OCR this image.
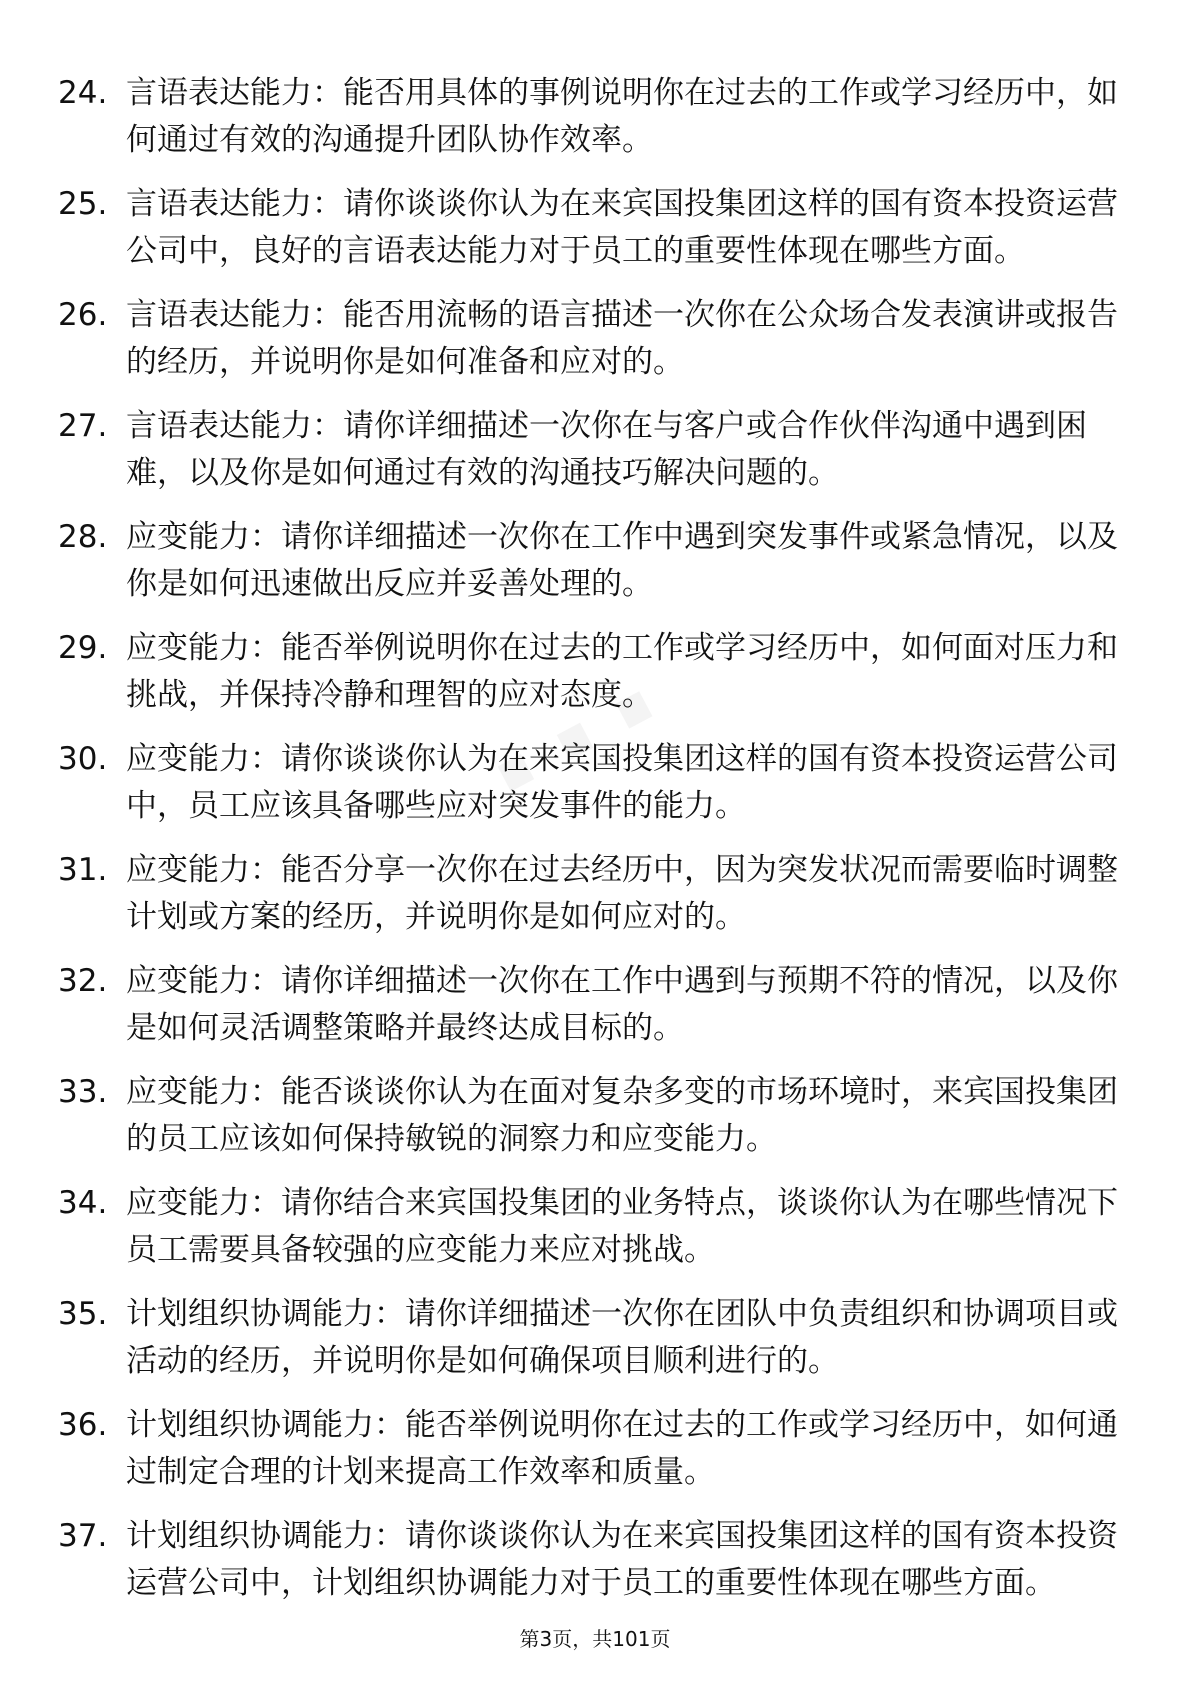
24. 言语表达能力：能否用具体的事例说明你在过去的工作或学习经历中，如何通过有效的沟通提升团队协作效率。
25. 言语表达能力：请你谈谈你认为在来宾国投集团这样的国有资本投资运营公司中，良好的言语表达能力对于员工的重要性体现在哪些方面。
26. 言语表达能力：能否用流畅的语言描述一次你在公众场合发表演讲或报告的经历，并说明你是如何准备和应对的。
27. 言语表达能力：请你详细描述一次你在与客户或合作伙伴沟通中遇到困难，以及你是如何通过有效的沟通技巧解决问题的。
28. 应变能力：请你详细描述一次你在工作中遇到突发事件或紧急情况，以及你是如何迅速做出反应并妥善处理的。
29. 应变能力：能否举例说明你在过去的工作或学习经历中，如何面对压力和挑战，并保持冷静和理智的应对态度。
30. 应变能力：请你谈谈你认为在来宾国投集团这样的国有资本投资运营公司中，员工应该具备哪些应对突发事件的能力。
31. 应变能力：能否分享一次你在过去经历中，因为突发状况而需要临时调整计划或方案的经历，并说明你是如何应对的。
32. 应变能力：请你详细描述一次你在工作中遇到与预期不符的情况，以及你是如何灵活调整策略并最终达成目标的。
33. 应变能力：能否谈谈你认为在面对复杂多变的市场环境时，来宾国投集团的员工应该如何保持敏锐的洞察力和应变能力。
34. 应变能力：请你结合来宾国投集团的业务特点，谈谈你认为在哪些情况下员工需要具备较强的应变能力来应对挑战。
35. 计划组织协调能力：请你详细描述一次你在团队中负责组织和协调项目或活动的经历，并说明你是如何确保项目顺利进行的。
36. 计划组织协调能力：能否举例说明你在过去的工作或学习经历中，如何通过制定合理的计划来提高工作效率和质量。
37. 计划组织协调能力：请你谈谈你认为在来宾国投集团这样的国有资本投资运营公司中，计划组织协调能力对于员工的重要性体现在哪些方面。
第3页，共101页
